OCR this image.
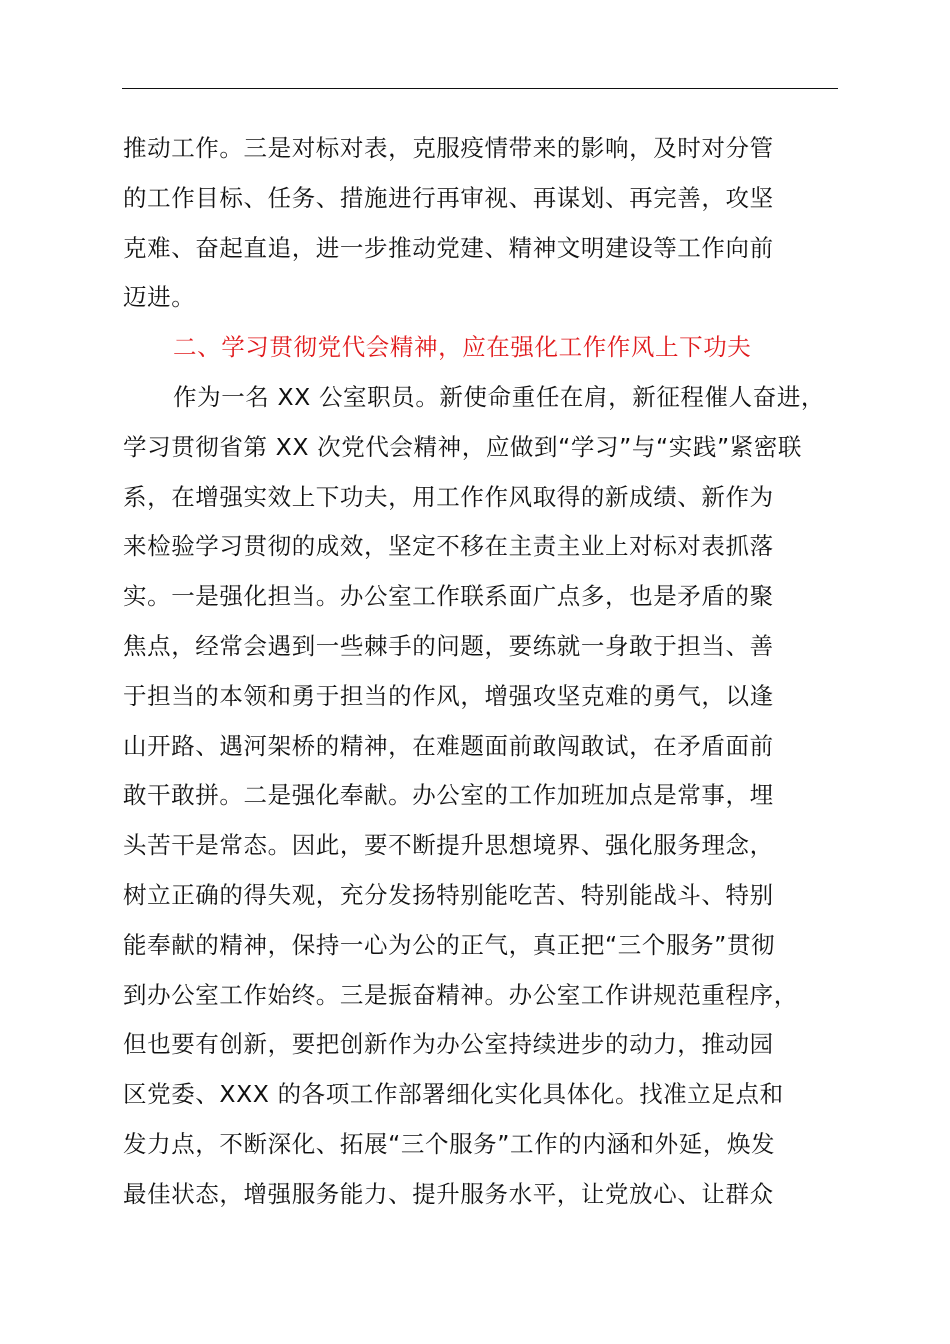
推动工作。三是对标对表，克服疫情带来的影响，及时对分管
的工作目标、任务、措施进行再审视、再谋划、再完善，攻坚
克难、奋起直追，进一步推动党建、精神文明建设等工作向前
迈进。
二、学习贯彻党代会精神，应在强化工作作风上下功夫
作为一名 XX 公室职员。新使命重任在肩，新征程催人奋进，
学习贯彻省第 XX 次党代会精神，应做到“学习”与“实践”紧密联
系，在增强实效上下功夫，用工作作风取得的新成绩、新作为
来检验学习贯彻的成效，坚定不移在主责主业上对标对表抓落
实。一是强化担当。办公室工作联系面广点多，也是矛盾的聚
焦点，经常会遇到一些棘手的问题，要练就一身敢于担当、善
于担当的本领和勇于担当的作风，增强攻坚克难的勇气，以逢
山开路、遇河架桥的精神，在难题面前敢闯敢试，在矛盾面前
敢干敢拼。二是强化奉献。办公室的工作加班加点是常事，埋
头苦干是常态。因此，要不断提升思想境界、强化服务理念，
树立正确的得失观，充分发扬特别能吃苦、特别能战斗、特别
能奉献的精神，保持一心为公的正气，真正把“三个服务”贯彻
到办公室工作始终。三是振奋精神。办公室工作讲规范重程序，
但也要有创新，要把创新作为办公室持续进步的动力，推动园
区党委、XXX 的各项工作部署细化实化具体化。找准立足点和
发力点，不断深化、拓展“三个服务”工作的内涵和外延，焕发
最佳状态，增强服务能力、提升服务水平，让党放心、让群众
